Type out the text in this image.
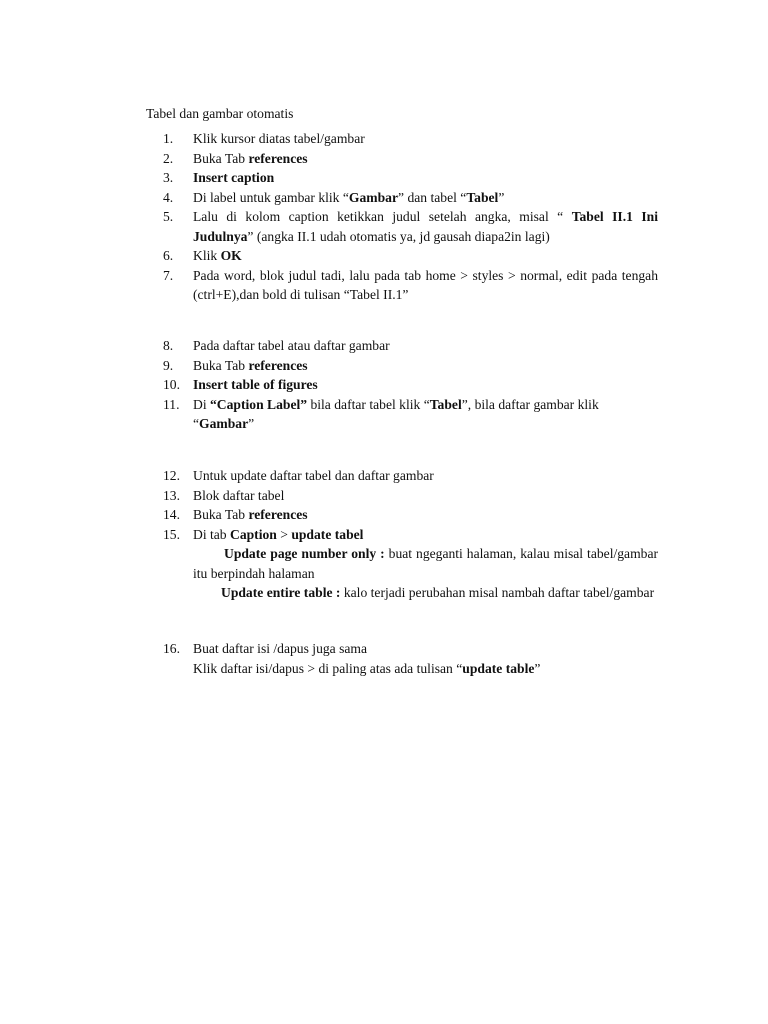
Tabel dan gambar otomatis
1.	Klik kursor diatas tabel/gambar
2.	Buka Tab references
3.	Insert caption
4.	Di label untuk gambar klik “Gambar” dan tabel “Tabel”
5.	Lalu di kolom caption ketikkan judul setelah angka, misal “ Tabel II.1 Ini Judulnya” (angka II.1 udah otomatis ya, jd gausah diapa2in lagi)
6.	Klik OK
7.	Pada word, blok judul tadi, lalu pada tab home > styles > normal, edit pada tengah (ctrl+E),dan bold di tulisan “Tabel II.1”
8.	Pada daftar tabel atau daftar gambar
9.	Buka Tab references
10. Insert table of figures
11. Di “Caption Label” bila daftar tabel klik “Tabel”, bila daftar gambar klik “Gambar”
12. Untuk update daftar tabel dan daftar gambar
13. Blok daftar tabel
14. Buka Tab references
15. Di tab Caption > update tabel
Update page number only : buat ngeganti halaman, kalau misal tabel/gambar itu berpindah halaman
Update entire table : kalo terjadi perubahan misal nambah daftar tabel/gambar
16. Buat daftar isi /dapus juga sama
Klik daftar isi/dapus > di paling atas ada tulisan “update table”
